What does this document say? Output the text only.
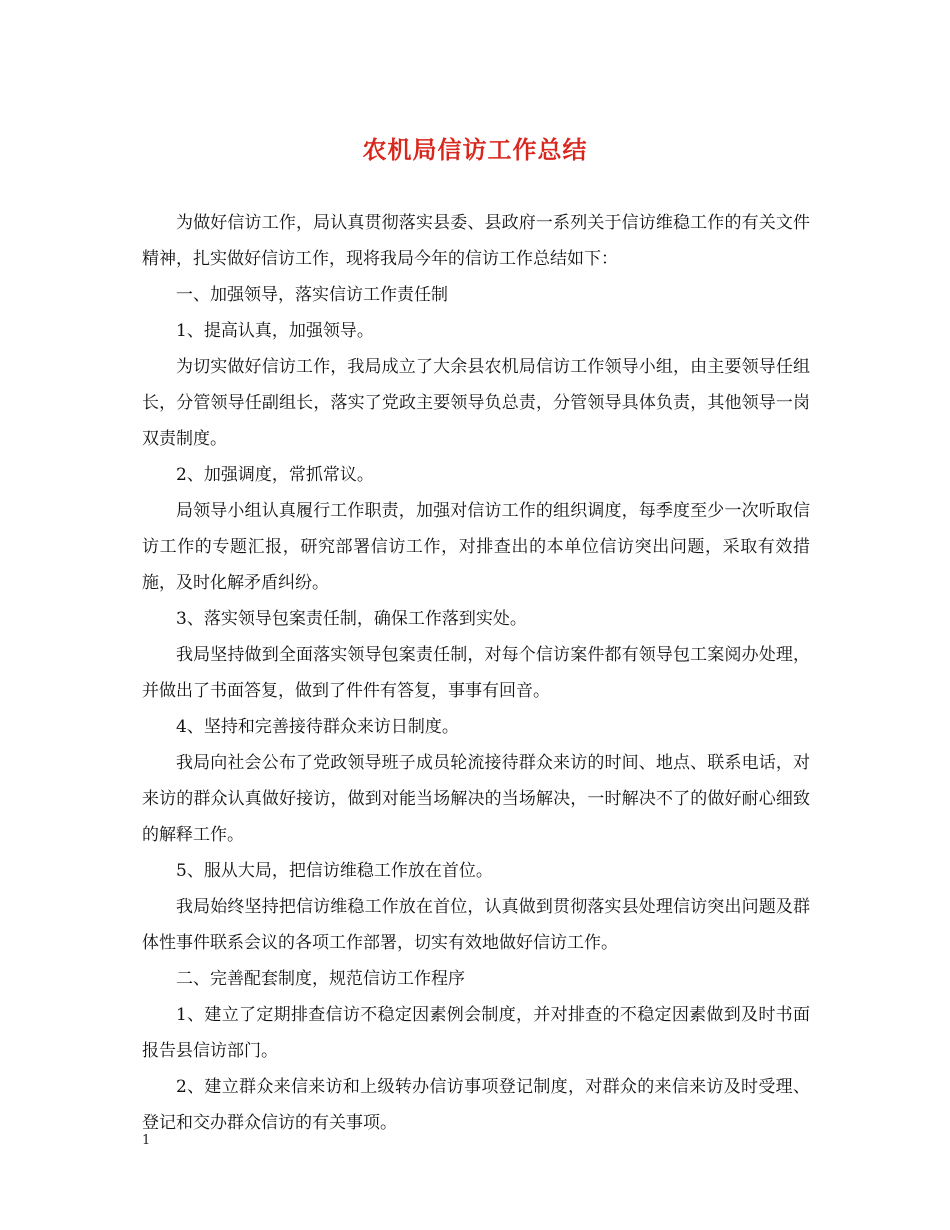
农机局信访工作总结

为做好信访工作，局认真贯彻落实县委、县政府一系列关于信访维稳工作的有关文件精神，扎实做好信访工作，现将我局今年的信访工作总结如下：

一、加强领导，落实信访工作责任制

1、提高认真，加强领导。

为切实做好信访工作，我局成立了大余县农机局信访工作领导小组，由主要领导任组长，分管领导任副组长，落实了党政主要领导负总责，分管领导具体负责，其他领导一岗双责制度。

2、加强调度，常抓常议。

局领导小组认真履行工作职责，加强对信访工作的组织调度，每季度至少一次听取信访工作的专题汇报，研究部署信访工作，对排查出的本单位信访突出问题，采取有效措施，及时化解矛盾纠纷。

3、落实领导包案责任制，确保工作落到实处。

我局坚持做到全面落实领导包案责任制，对每个信访案件都有领导包工案阅办处理，并做出了书面答复，做到了件件有答复，事事有回音。

4、坚持和完善接待群众来访日制度。

我局向社会公布了党政领导班子成员轮流接待群众来访的时间、地点、联系电话，对来访的群众认真做好接访，做到对能当场解决的当场解决，一时解决不了的做好耐心细致的解释工作。

5、服从大局，把信访维稳工作放在首位。

我局始终坚持把信访维稳工作放在首位，认真做到贯彻落实县处理信访突出问题及群体性事件联系会议的各项工作部署，切实有效地做好信访工作。

二、完善配套制度，规范信访工作程序

1、建立了定期排查信访不稳定因素例会制度，并对排查的不稳定因素做到及时书面报告县信访部门。

2、建立群众来信来访和上级转办信访事项登记制度，对群众的来信来访及时受理、登记和交办群众信访的有关事项。

1
